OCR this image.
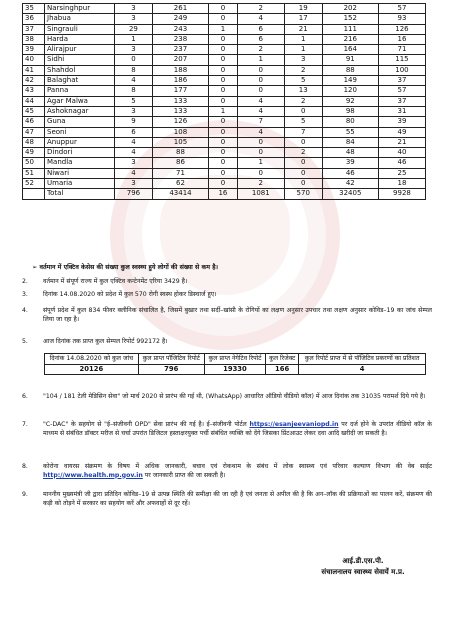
35	Narsinghpur	3	261	0	2	19	202	57
36	Jhabua	3	249	0	4	17	152	93
37	Singrauli	29	243	1	6	21	111	126
38	Harda	1	238	0	6	1	216	16
39	Alirajpur	3	237	0	2	1	164	71
40	Sidhi	0	207	0	1	3	91	115
41	Shahdol	8	188	0	0	2	88	100
42	Balaghat	4	186	0	0	5	149	37
43	Panna	8	177	0	0	13	120	57
44	Agar Malwa	5	133	0	4	2	92	37
45	Ashoknagar	3	133	1	4	0	98	31
46	Guna	9	126	0	7	5	80	39
47	Seoni	6	108	0	4	7	55	49
48	Anuppur	4	105	0	0	0	84	21
49	Dindori	4	88	0	0	2	48	40
50	Mandla	3	86	0	1	0	39	46
51	Niwari	4	71	0	0	0	46	25
52	Umaria	3	62	0	2	0	42	18
	Total	796	43414	16	1081	570	32405	9928
➢ वर्तमान में एक्टिव केसेस की संख्या कुल स्वस्थ्य हुये लोगों की संख्या से कम है।
2.	वर्तमान में संपूर्ण राज्य में कुल एक्टिव कन्टेनमेंट एरिया 3429 है।
3.	दिनांक 14.08.2020 को प्रदेश में कुल 570 रोगी स्वस्थ होकर डिस्चार्ज हुए।
4.	संपूर्ण प्रदेश में कुल 834 फीवर क्लीनिक संचालित है, जिसमें बुखार तथा सर्दी–खांसी के रोगियों का लक्षण अनुसार उपचार तथा लक्षण अनुसार कोविड–19 का जांच सेम्पल लिया जा रहा है।
5.	आज दिनांक तक प्राप्त कुल सेम्पल रिपोर्ट 992172 है।
दिनांक 14.08.2020 को कुल जांच	कुल प्राप्त पॉजिटिव रिपोर्ट	कुल प्राप्त नेगेटिव रिपोर्ट	कुल रिजेक्ट	कुल रिपोर्ट प्राप्त में से पॉजिटिव प्रकरणों का प्रतिशत
20126	796	19330	166	4
6.	"104 / 181 टेली मेडिसिन सेवा" जो मार्च 2020 से प्रारंभ की गई थी, (WhatsApp) आधारित ऑडियो वीडियो कॉल) में आज दिनांक तक 31035 परामर्श दिये गये है।
7.	"C-DAC" के सहयोग से "ई–संजीवनी OPD" सेवा प्रारंभ की गई है। ई–संजीवनी पोर्टल https://esanjeevaniopd.in पर दर्ज होने के उपरांत वीडियो कॉल के माध्यम से संबंधित डॉक्टर मरीज से चर्चा उपरांत डिजिटल हस्ताक्षरयुक्त पर्ची संबंधित व्यक्ति को देंगे जिसका प्रिंटआउट लेकर दवा आदि खरीदी जा सकती है।
8.	कोरोना वायरस संक्रमण के विषय में अधिक जानकारी, बचाव एवं रोकथाम के संबंध में लोक स्वास्थ्य एवं परिवार कल्याण विभाग की वेब साईट http://www.health.mp.gov.in पर जानकारी प्राप्त की जा सकती है।
9.	माननीय मुख्यमंत्री जी द्वारा प्रतिदिन कोविड–19 से उत्पन्न स्थिति की समीक्षा की जा रही है एवं जनता से अपील की है कि अन–लॉक की प्रक्रियाओं का पालन करें, संक्रमण की कड़ी को तोड़ने में सरकार का सहयोग करें और अफवाहों से दूर रहें।
आई.डी.एस.पी.
संचालनालय स्वास्थ्य सेवायें म.प्र.
